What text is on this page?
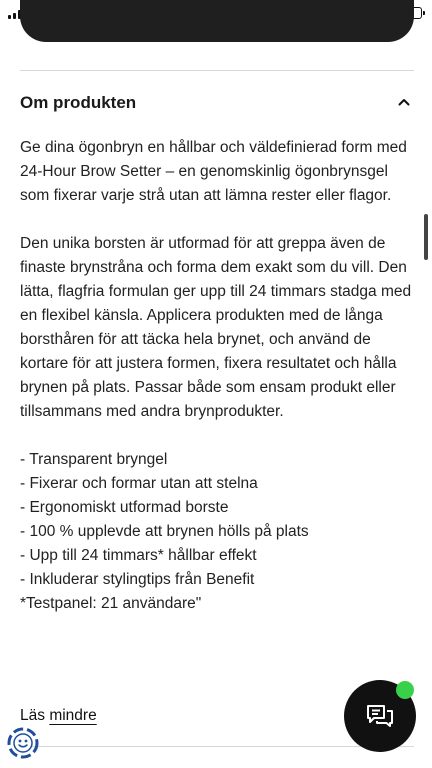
Om produkten

Ge dina ögonbryn en hållbar och väldefinierad form med 24-Hour Brow Setter – en genomskinlig ögonbrynsgel som fixerar varje strå utan att lämna rester eller flagor.

Den unika borsten är utformad för att greppa även de finaste brynstråna och forma dem exakt som du vill. Den lätta, flagfria formulan ger upp till 24 timmars stadga med en flexibel känsla. Applicera produkten med de långa borsthåren för att täcka hela brynet, och använd de kortare för att justera formen, fixera resultatet och hålla brynen på plats. Passar både som ensam produkt eller tillsammans med andra brynprodukter.

- Transparent bryngel
- Fixerar och formar utan att stelna
- Ergonomiskt utformad borste
- 100 % upplevde att brynen hölls på plats
- Upp till 24 timmars* hållbar effekt
- Inkluderar stylingtips från Benefit

*Testpanel: 21 användare"

Läs mindre
